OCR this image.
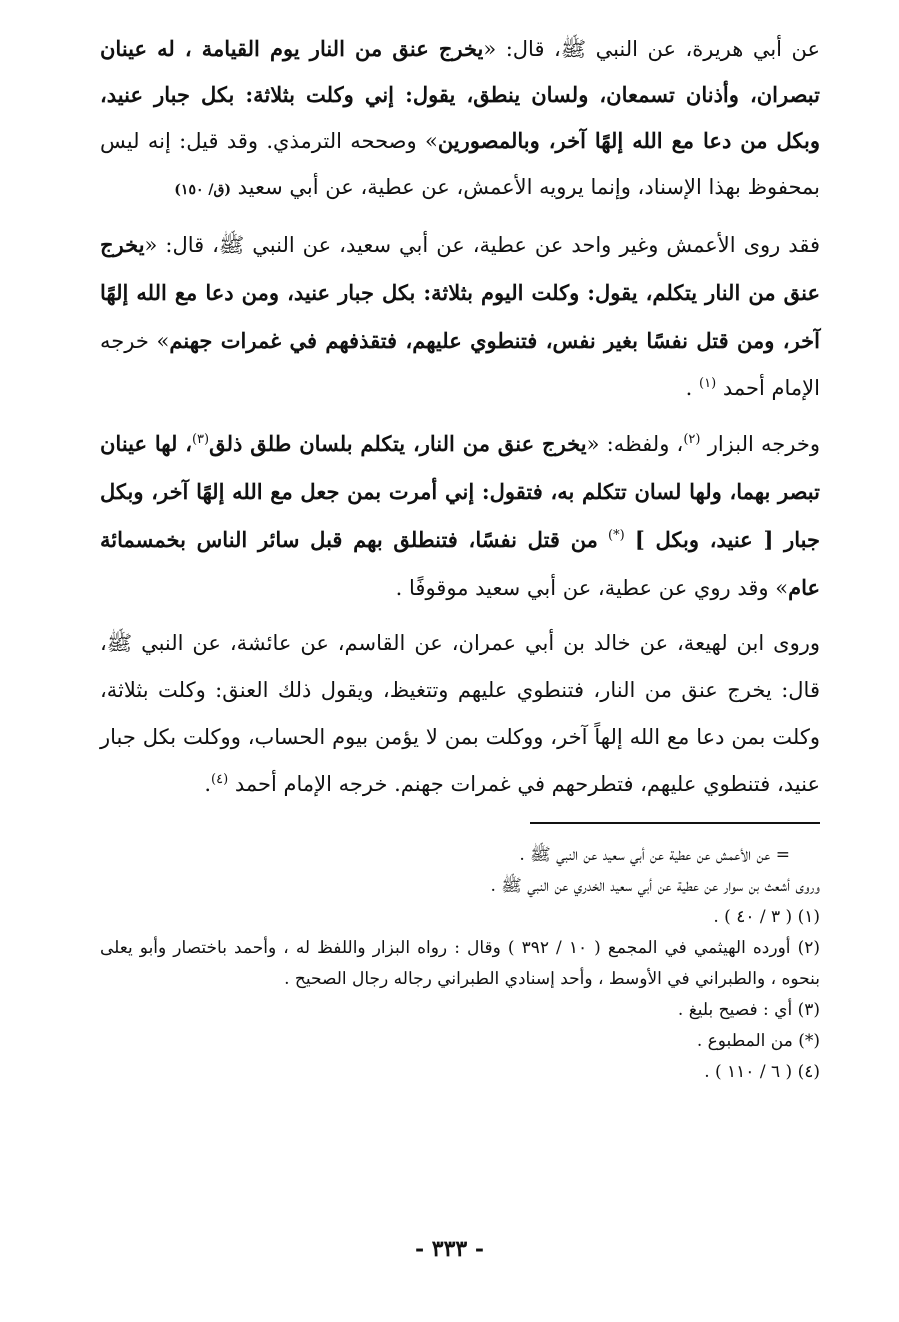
عن أبي هريرة، عن النبي ﷺ، قال: «يخرج عنق من النار يوم القيامة ، له عينان تبصران، وأذنان تسمعان، ولسان ينطق، يقول: إني وكلت بثلاثة: بكل جبار عنيد، وبكل من دعا مع الله إلهًا آخر، وبالمصورين» وصححه الترمذي. وقد قيل: إنه ليس بمحفوظ بهذا الإسناد، وإنما يرويه الأعمش، عن عطية، عن أبي سعيد (ق/ ١٥٠)

فقد روى الأعمش وغير واحد عن عطية، عن أبي سعيد، عن النبي ﷺ، قال: «يخرج عنق من النار يتكلم، يقول: وكلت اليوم بثلاثة: بكل جبار عنيد، ومن دعا مع الله إلهًا آخر، ومن قتل نفسًا بغير نفس، فتنطوي عليهم، فتقذفهم في غمرات جهنم» خرجه الإمام أحمد $^{(١)}$ .

وخرجه البزار $^{(٢)}$، ولفظه: «يخرج عنق من النار، يتكلم بلسان طلق ذلق$^{(٣)}$، لها عينان تبصر بهما، ولها لسان تتكلم به، فتقول: إني أمرت بمن جعل مع الله إلهًا آخر، وبكل جبار [ عنيد، وبكل ] (*) من قتل نفسًا، فتنطلق بهم قبل سائر الناس بخمسمائة عام» وقد روي عن عطية، عن أبي سعيد موقوفًا .

وروى ابن لهيعة، عن خالد بن أبي عمران، عن القاسم، عن عائشة، عن النبي ﷺ، قال: يخرج عنق من النار، فتنطوي عليهم وتتغيظ، ويقول ذلك العنق: وكلت بثلاثة، وكلت بمن دعا مع الله إلهاً آخر، ووكلت بمن لا يؤمن بيوم الحساب، ووكلت بكل جبار عنيد، فتنطوي عليهم، فتطرحهم في غمرات جهنم. خرجه الإمام أحمد $^{(٤)}$.

= عن الأعمش عن عطية عن أبي سعيد عن النبي ﷺ .

وروى أشعث بن سوار عن عطية عن أبي سعيد الخدري عن النبي ﷺ .

(١) ( ٣ / ٤٠ ) .

(٢) أورده الهيثمي في المجمع ( ١٠ / ٣٩٢ ) وقال : رواه البزار واللفظ له ، وأحمد باختصار وأبو يعلى بنحوه ، والطبراني في الأوسط ، وأحد إسنادي الطبراني رجاله رجال الصحيح .

(٣) أي : فصيح بليغ .

(*) من المطبوع .

(٤) ( ٦ / ١١٠ ) .

- ٣٣٣ -
